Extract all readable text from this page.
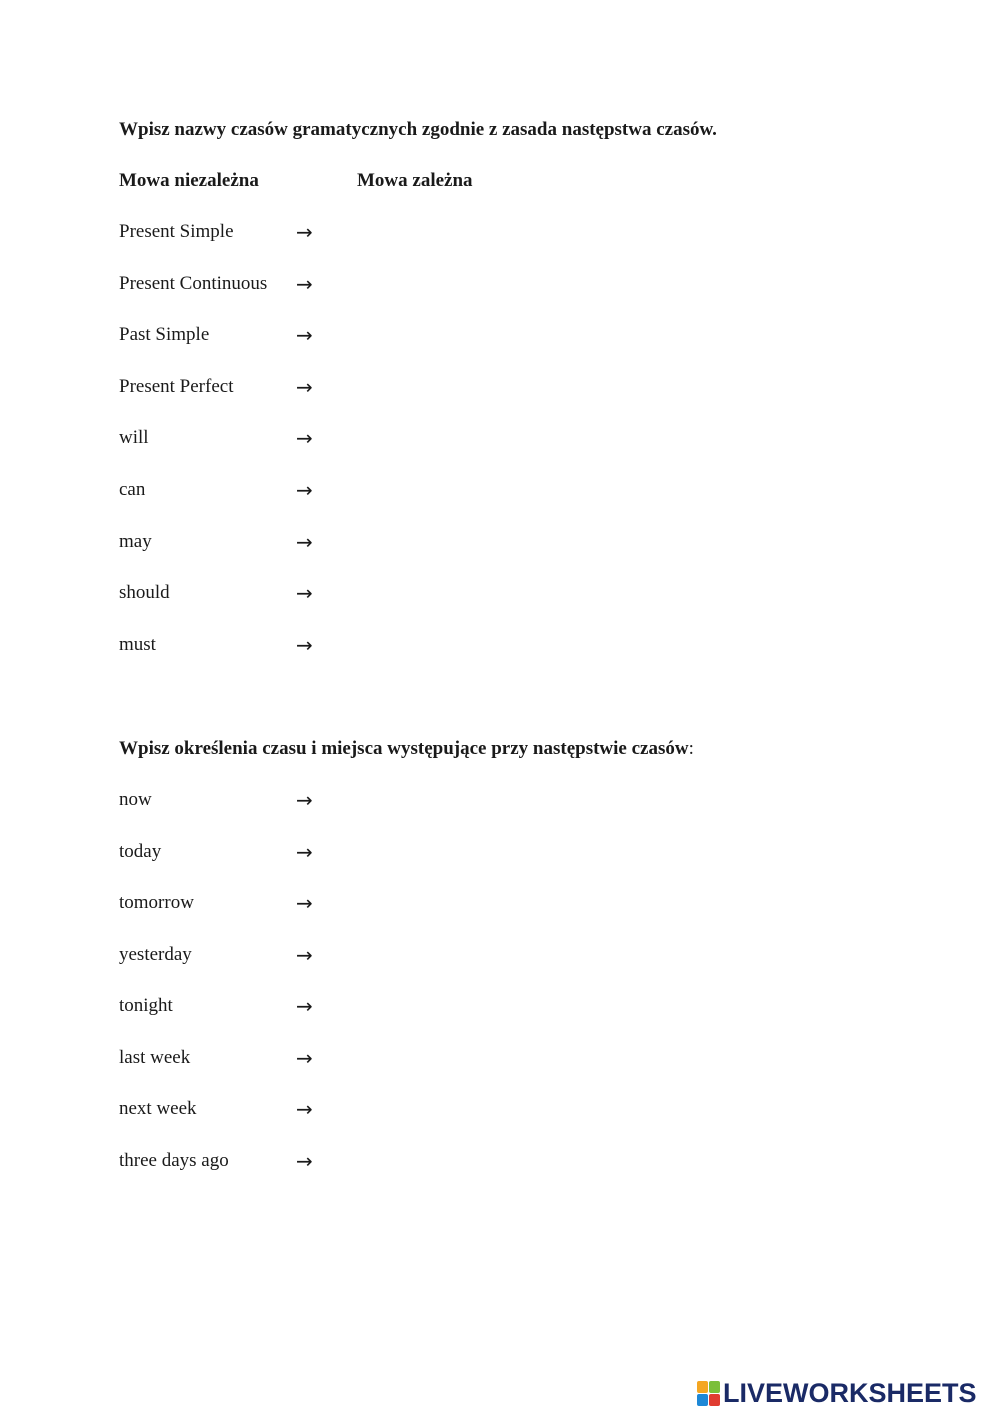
Wpisz nazwy czasów gramatycznych zgodnie z zasada następstwa czasów.
Mowa niezależna	Mowa zależna
Present Simple	→
Present Continuous →
Past Simple	→
Present Perfect	→
will	→
can	→
may	→
should	→
must	→
Wpisz określenia czasu i miejsca występujące przy następstwie czasów:
now	→
today	→
tomorrow	→
yesterday	→
tonight	→
last week	→
next week	→
three days ago	→
LIVEWORKSHEETS
